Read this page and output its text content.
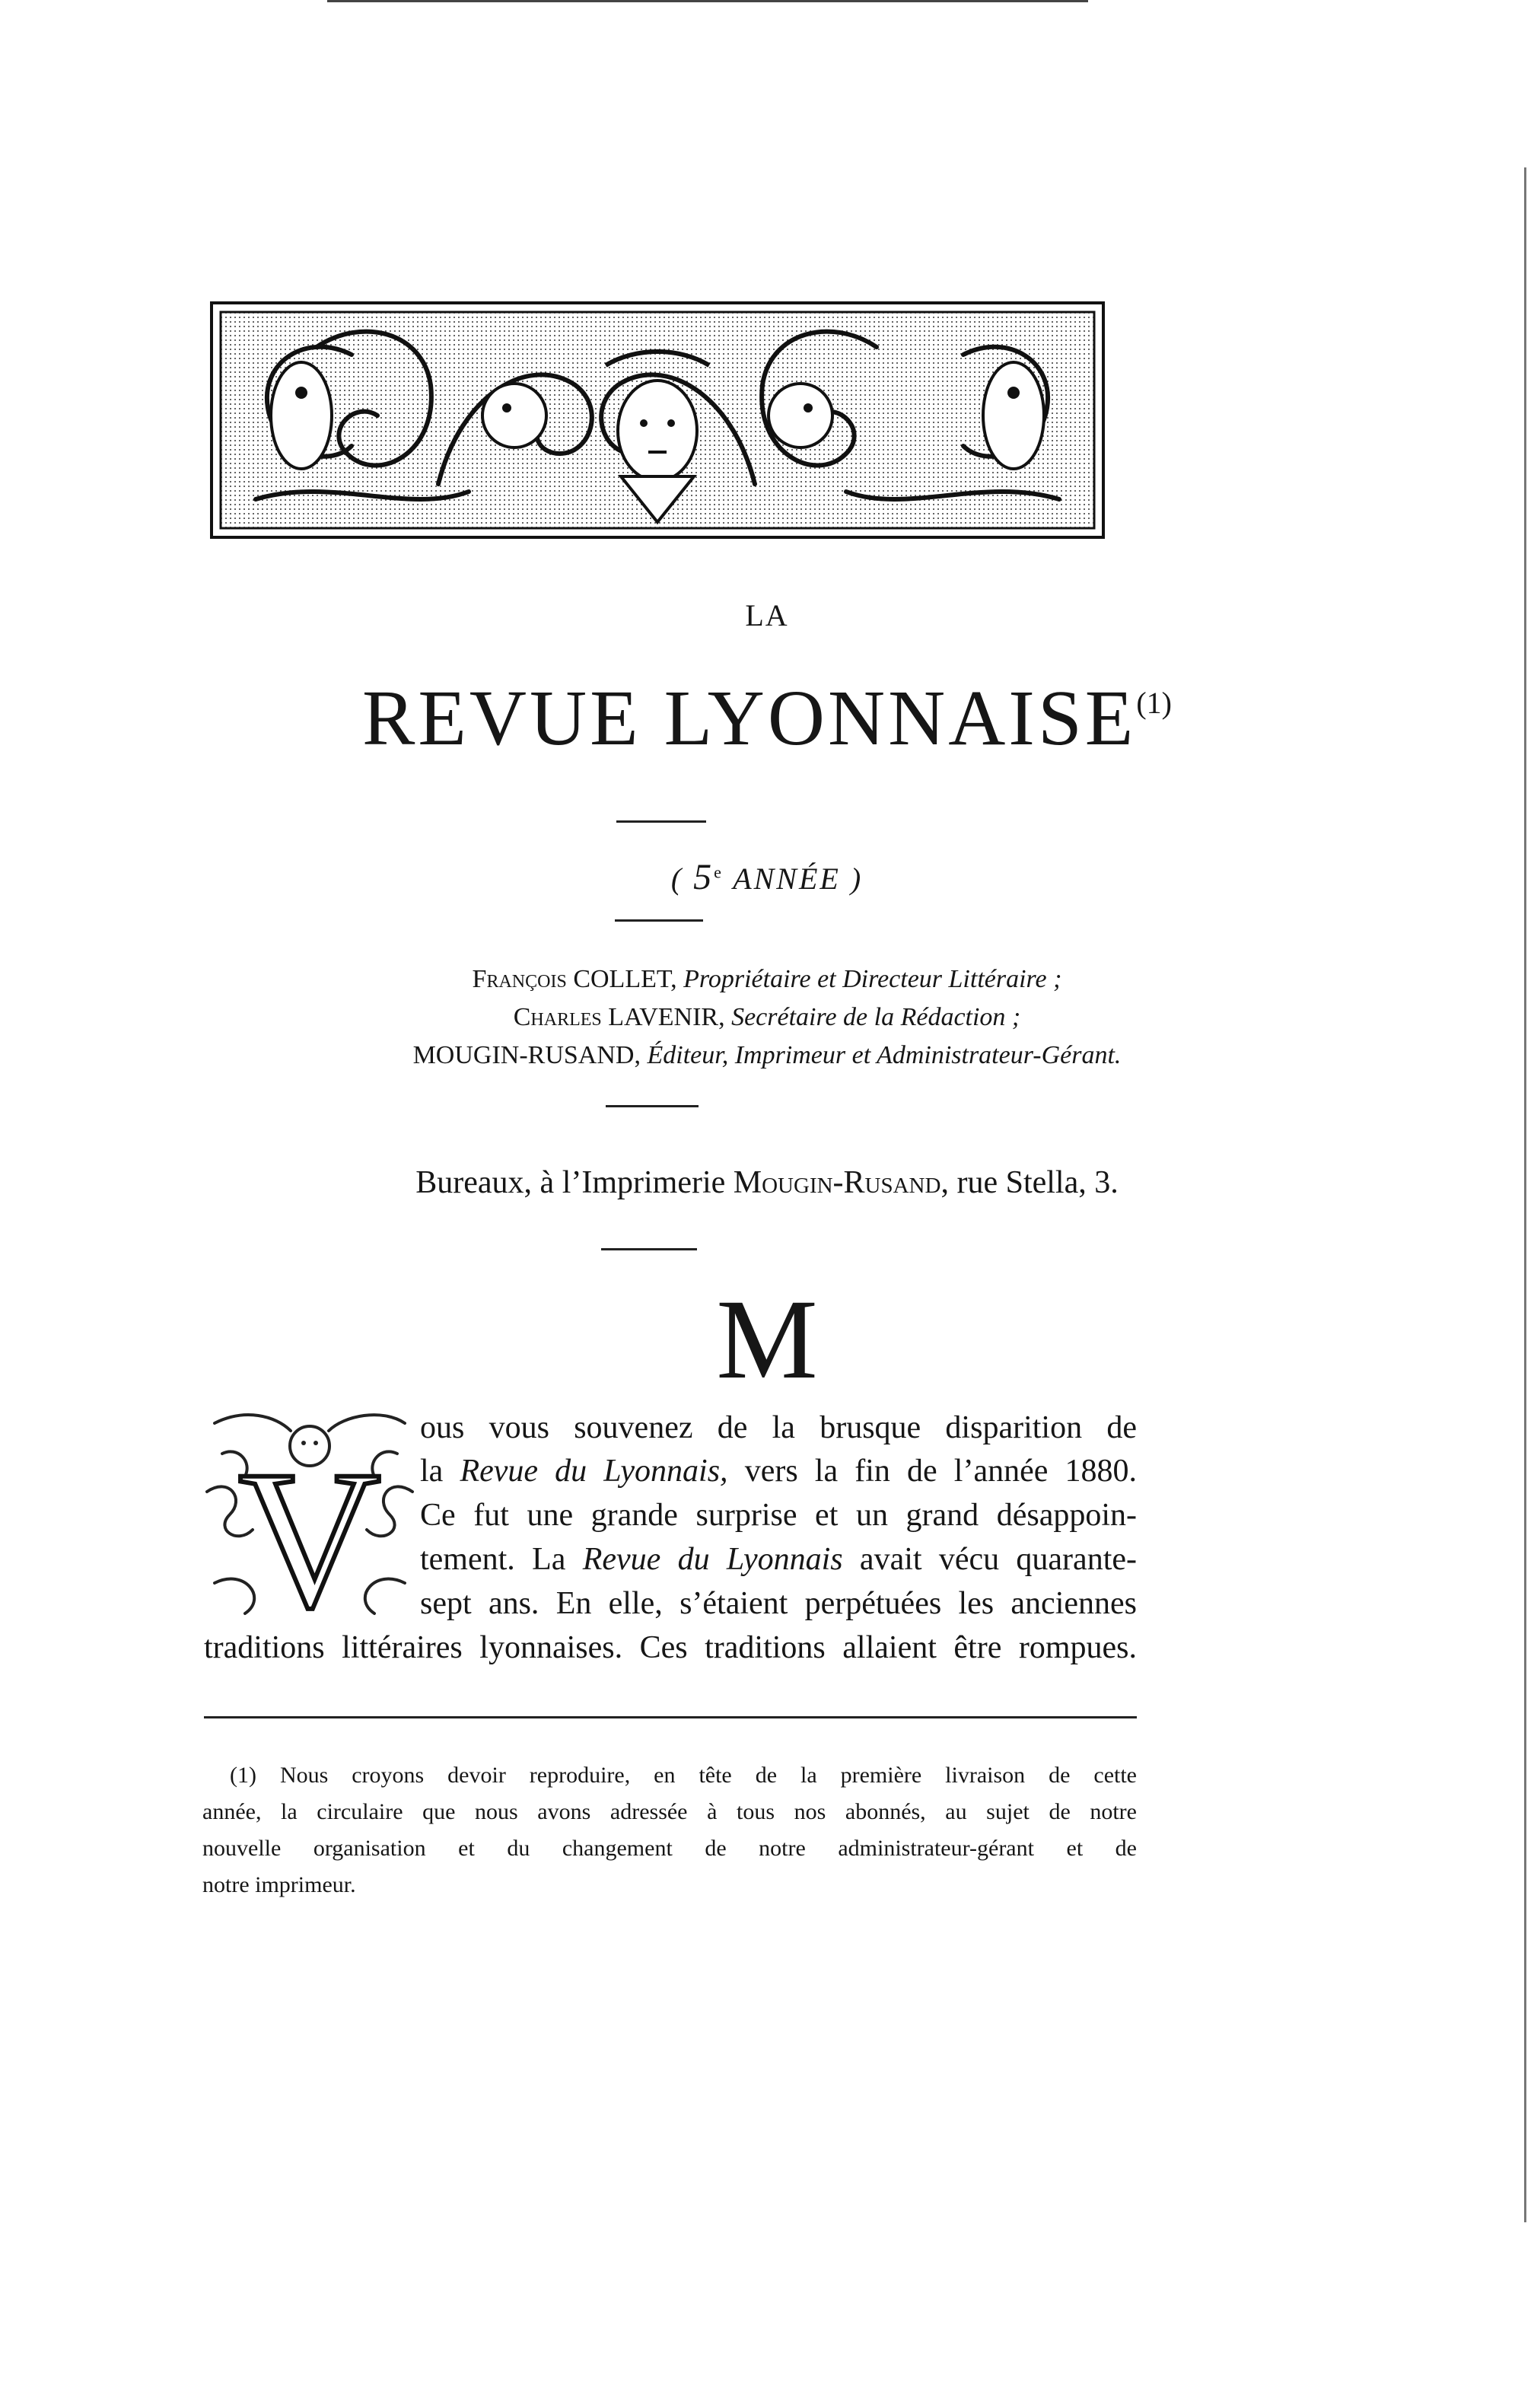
LA
REVUE LYONNAISE$^{(1)}$
( 5e ANNÉE )
François COLLET, Propriétaire et Directeur Littéraire ;
Charles LAVENIR, Secrétaire de la Rédaction ;
MOUGIN-RUSAND, Éditeur, Imprimeur et Administrateur-Gérant.
Bureaux, à l’Imprimerie Mougin-Rusand, rue Stella, 3.
M
V
ous vous souvenez de la brusque disparition de
la Revue du Lyonnais, vers la fin de l’année 1880.
Ce fut une grande surprise et un grand désappoin-
tement. La Revue du Lyonnais avait vécu quarante-
sept ans. En elle, s’étaient perpétuées les anciennes
traditions littéraires lyonnaises. Ces traditions allaient être rompues.
(1) Nous croyons devoir reproduire, en tête de la première livraison de cette
année, la circulaire que nous avons adressée à tous nos abonnés, au sujet de notre
nouvelle organisation et du changement de notre administrateur-gérant et de
notre imprimeur.
